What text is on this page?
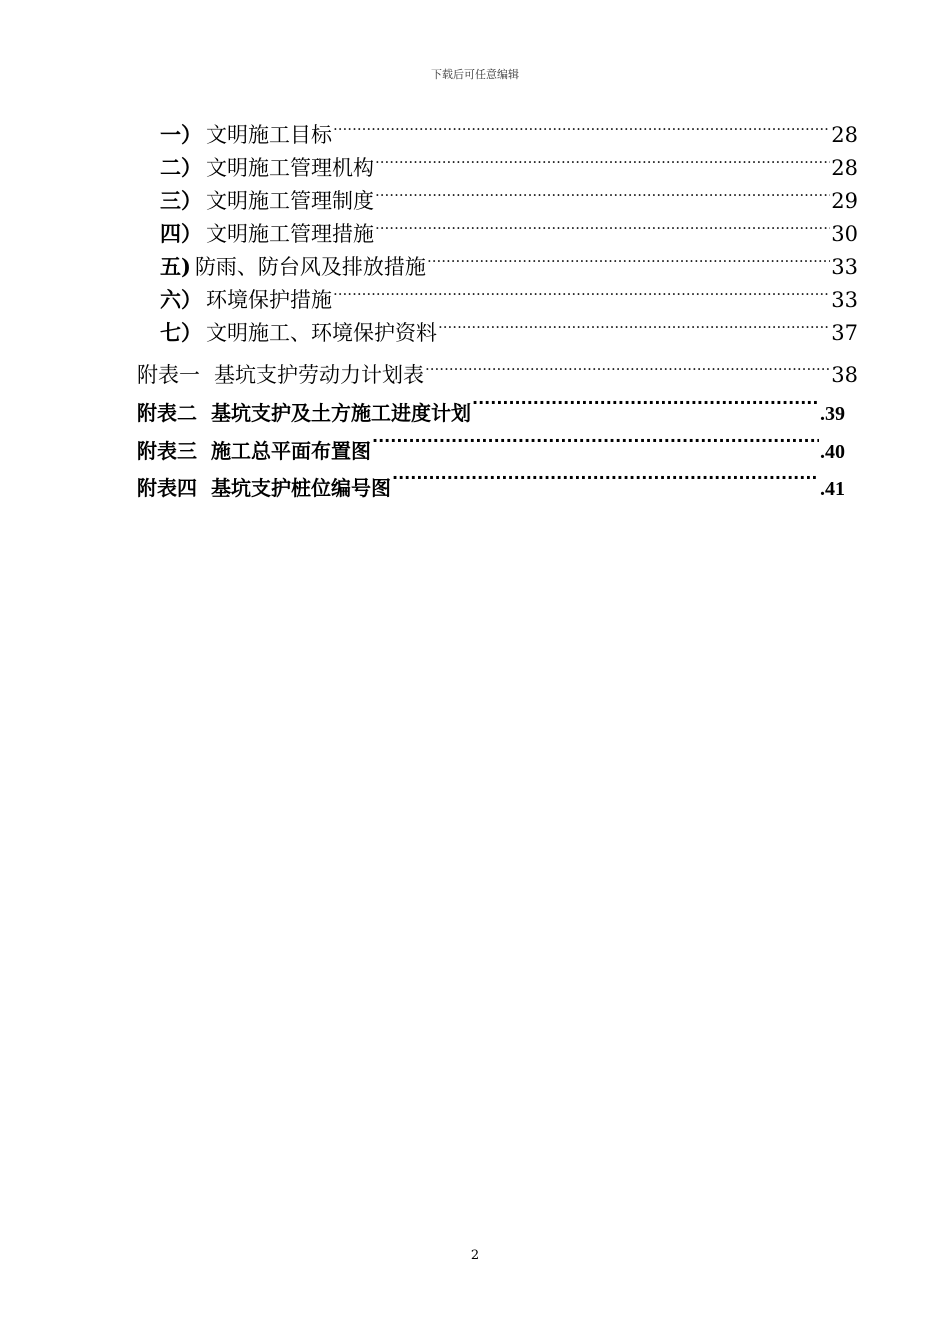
下载后可任意编辑
一） 文明施工目标 .....	28
二） 文明施工管理机构 .....	28
三） 文明施工管理制度 .....	29
四） 文明施工管理措施 .....	30
五) 防雨、防台风及排放措施 .....	33
六） 环境保护措施 .....	33
七） 文明施工、环境保护资料 .....	37
附表一 基坑支护劳动力计划表 .....	38
附表二 基坑支护及土方施工进度计划 ·····	.39
附表三 施工总平面布置图 ·····	.40
附表四 基坑支护桩位编号图 ·····	.41
2
